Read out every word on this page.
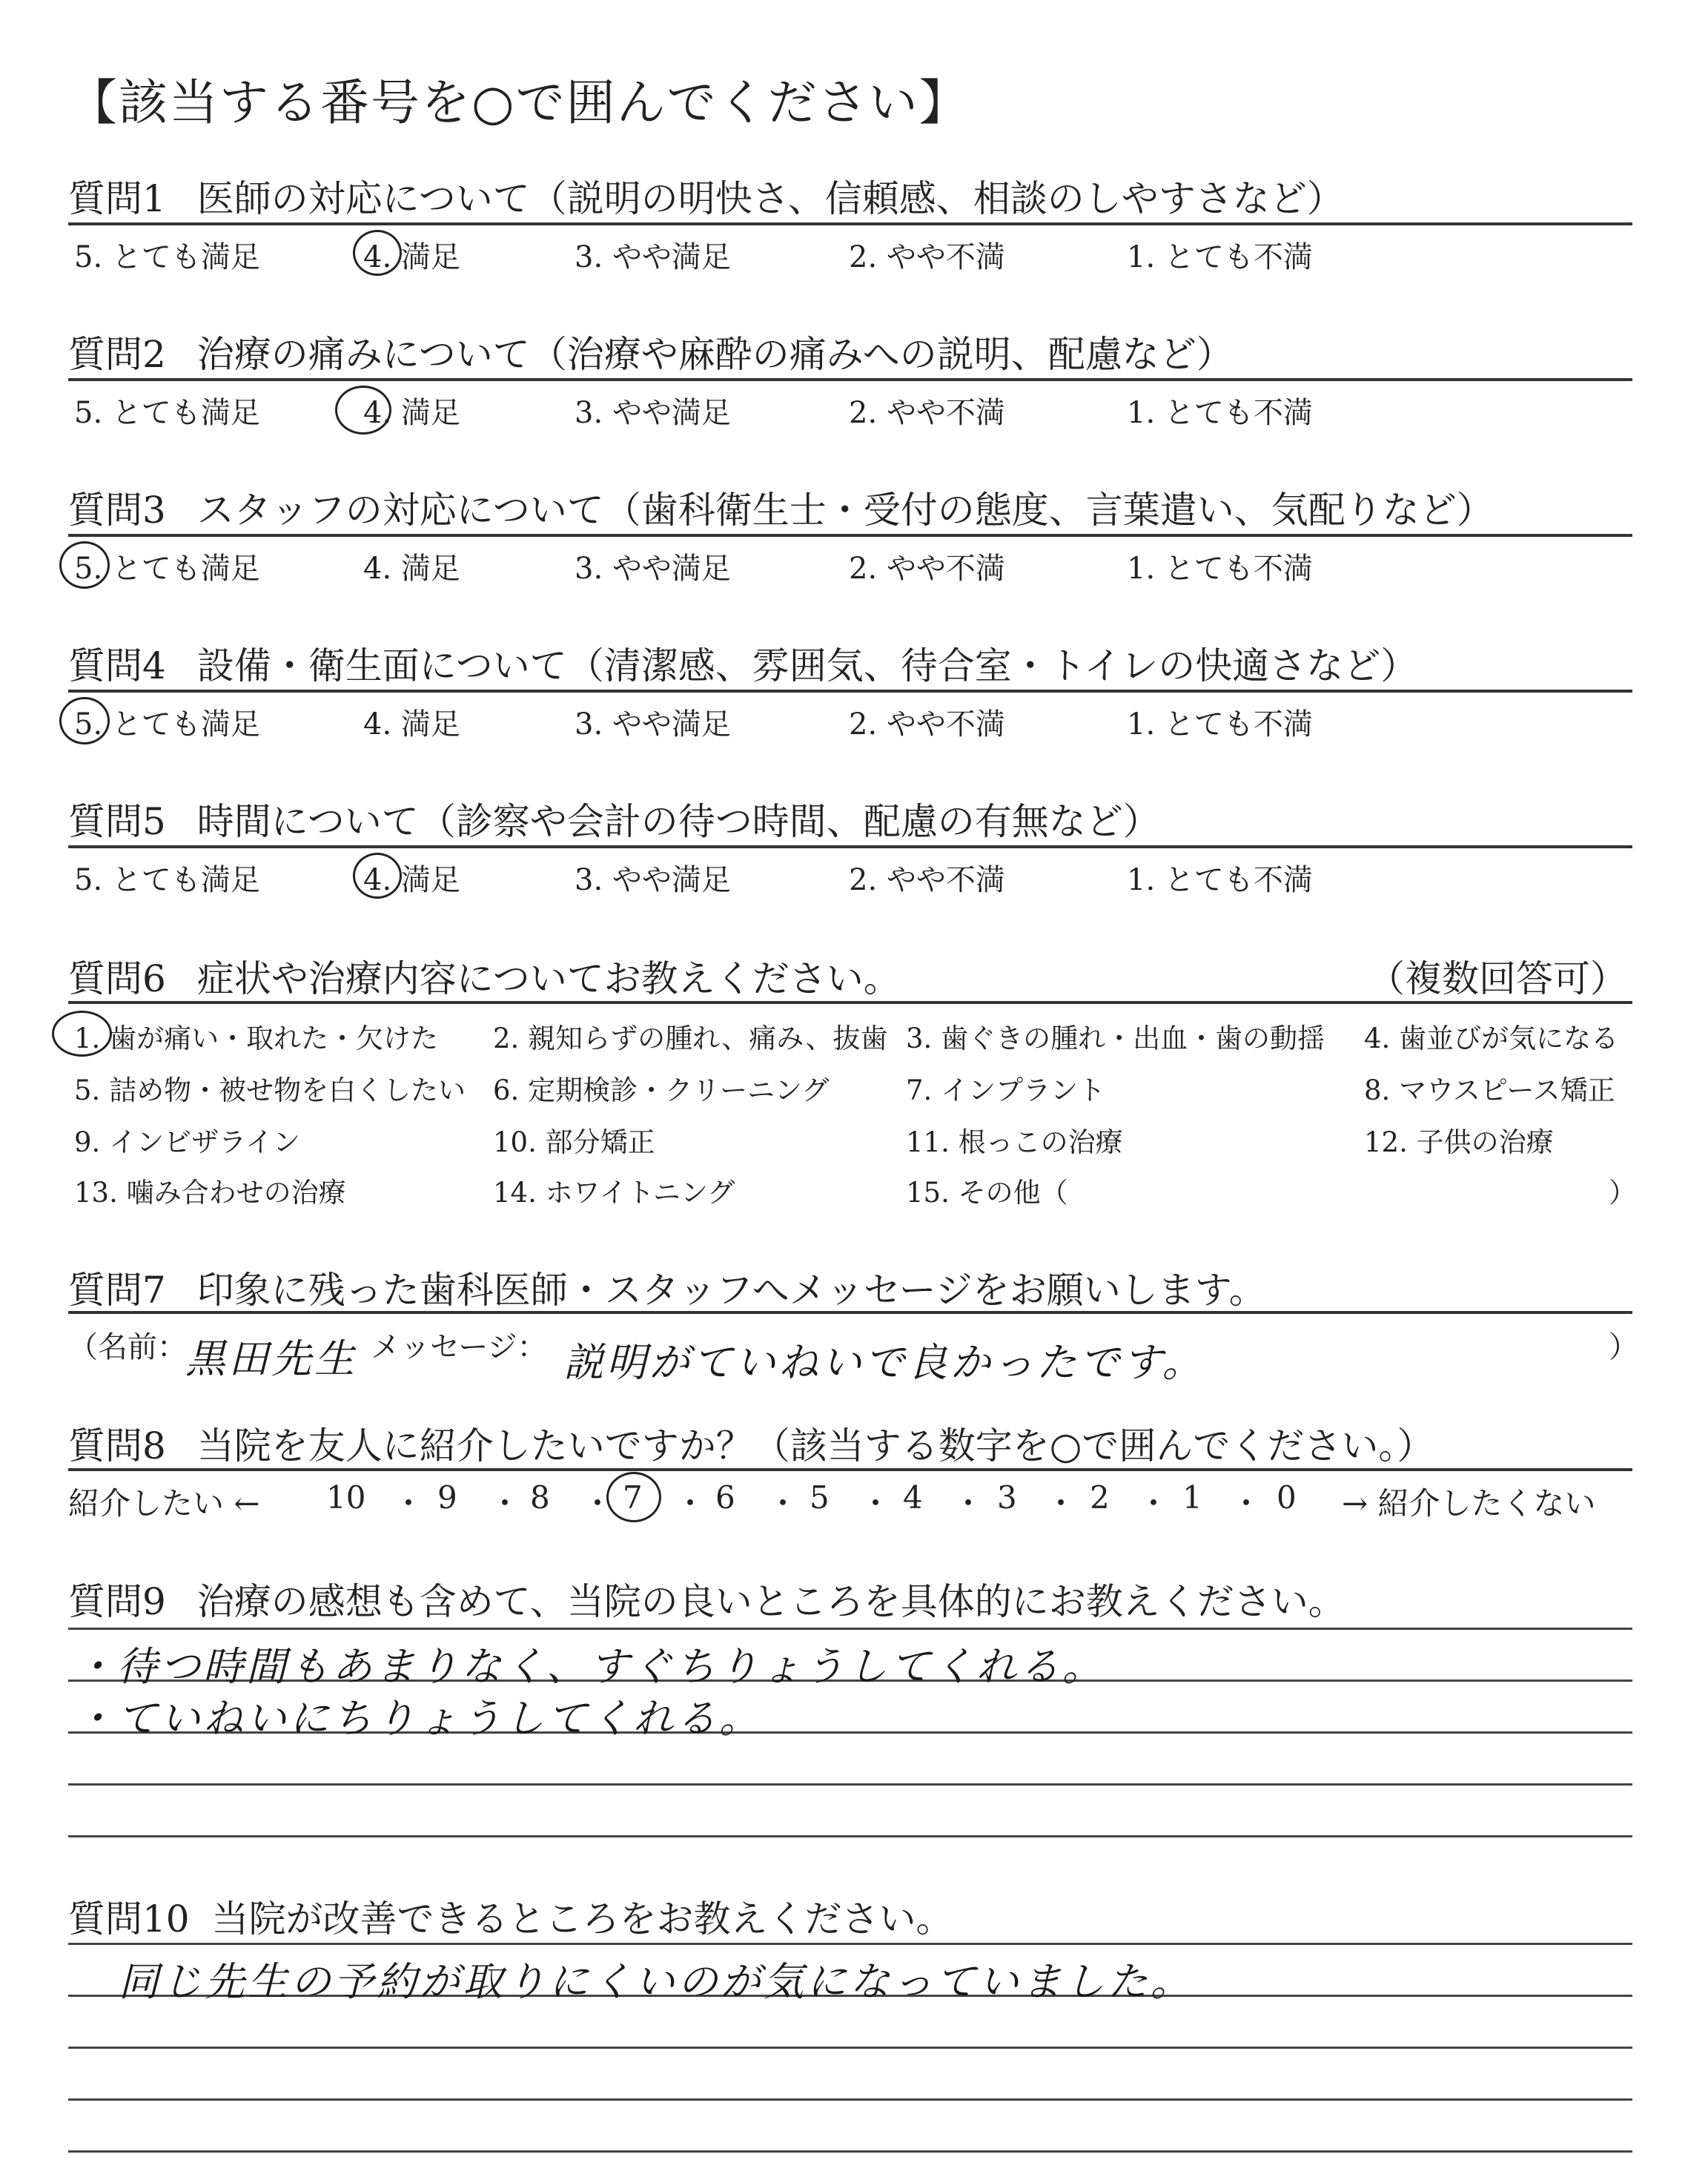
【該当する番号を○で囲んでください】
質問1 医師の対応について（説明の明快さ、信頼感、相談のしやすさなど）
5. とても満足	4. 満足	3. やや満足	2. やや不満	1. とても不満
質問2 治療の痛みについて（治療や麻酔の痛みへの説明、配慮など）
5. とても満足	4. 満足	3. やや満足	2. やや不満	1. とても不満
質問3 スタッフの対応について（歯科衛生士・受付の態度、言葉遣い、気配りなど）
5. とても満足	4. 満足	3. やや満足	2. やや不満	1. とても不満
質問4 設備・衛生面について（清潔感、雰囲気、待合室・トイレの快適さなど）
5. とても満足	4. 満足	3. やや満足	2. やや不満	1. とても不満
質問5 時間について（診察や会計の待つ時間、配慮の有無など）
5. とても満足	4. 満足	3. やや満足	2. やや不満	1. とても不満
質問6 症状や治療内容についてお教えください。	（複数回答可）
1. 歯が痛い・取れた・欠けた 2. 親知らずの腫れ、痛み、抜歯 3. 歯ぐきの腫れ・出血・歯の動揺 4. 歯並びが気になる
5. 詰め物・被せ物を白くしたい 6. 定期検診・クリーニング	7. インプラント	8. マウスピース矯正
9. インビザライン	10. 部分矯正	11. 根っこの治療	12. 子供の治療
13. 噛み合わせの治療	14. ホワイトニング	15. その他（	）
質問7 印象に残った歯科医師・スタッフへメッセージをお願いします。
（名前：
黒田先生 メッセージ： 説明がていねいで良かったです。	）
質問8 当院を友人に紹介したいですか？（該当する数字を○で囲んでください。）
紹介したい ←	→ 紹介したくない
10 ・ 9 ・ 8 ・ 7 ・ 6 ・ 5 ・ 4 ・ 3 ・ 2 ・ 1 ・ 0
質問9 治療の感想も含めて、当院の良いところを具体的にお教えください。
・待つ時間もあまりなく、すぐちりょうしてくれる。
・ていねいにちりょうしてくれる。
質問10 当院が改善できるところをお教えください。
同じ先生の予約が取りにくいのが気になっていました。
